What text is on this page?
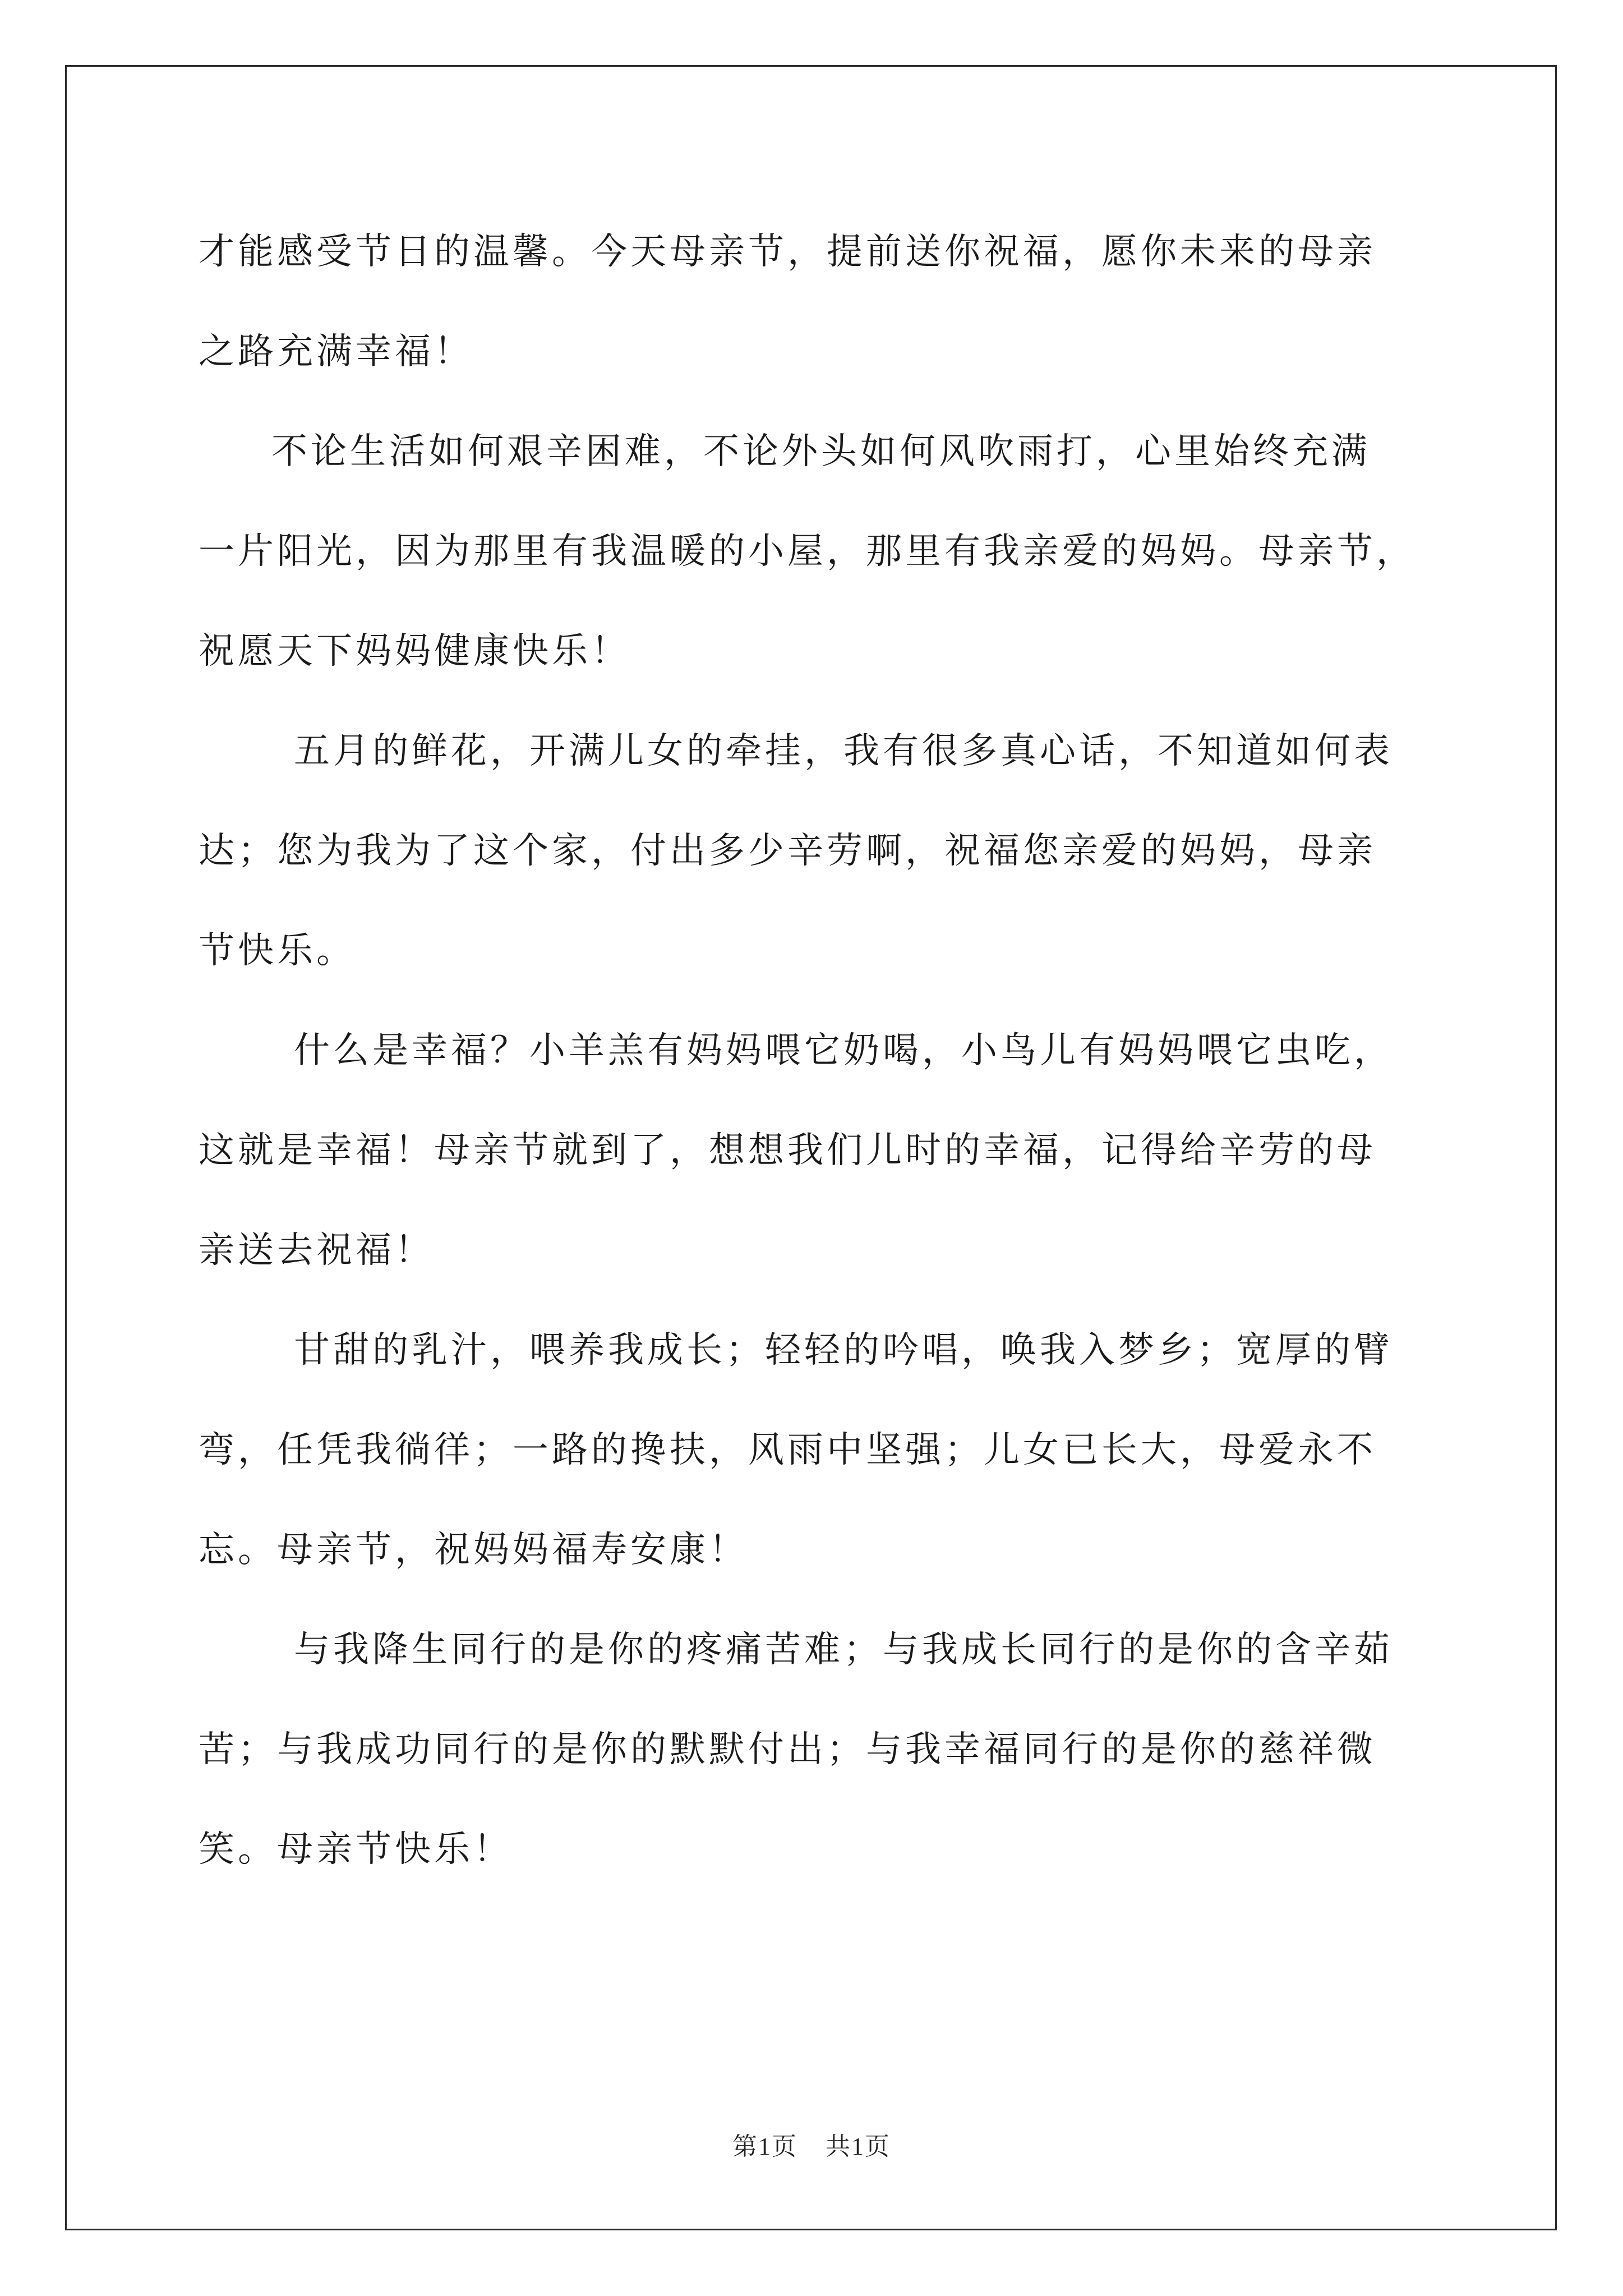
才能感受节日的温馨。今天母亲节，提前送你祝福，愿你未来的母亲
之路充满幸福！
不论生活如何艰辛困难，不论外头如何风吹雨打，心里始终充满
一片阳光，因为那里有我温暖的小屋，那里有我亲爱的妈妈。母亲节，
祝愿天下妈妈健康快乐！
五月的鲜花，开满儿女的牵挂，我有很多真心话，不知道如何表
达；您为我为了这个家，付出多少辛劳啊，祝福您亲爱的妈妈，母亲
节快乐。
什么是幸福？小羊羔有妈妈喂它奶喝，小鸟儿有妈妈喂它虫吃，
这就是幸福！母亲节就到了，想想我们儿时的幸福，记得给辛劳的母
亲送去祝福！
甘甜的乳汁，喂养我成长；轻轻的吟唱，唤我入梦乡；宽厚的臂
弯，任凭我徜徉；一路的搀扶，风雨中坚强；儿女已长大，母爱永不
忘。母亲节，祝妈妈福寿安康！
与我降生同行的是你的疼痛苦难；与我成长同行的是你的含辛茹
苦；与我成功同行的是你的默默付出；与我幸福同行的是你的慈祥微
笑。母亲节快乐！
第1页 共1页
